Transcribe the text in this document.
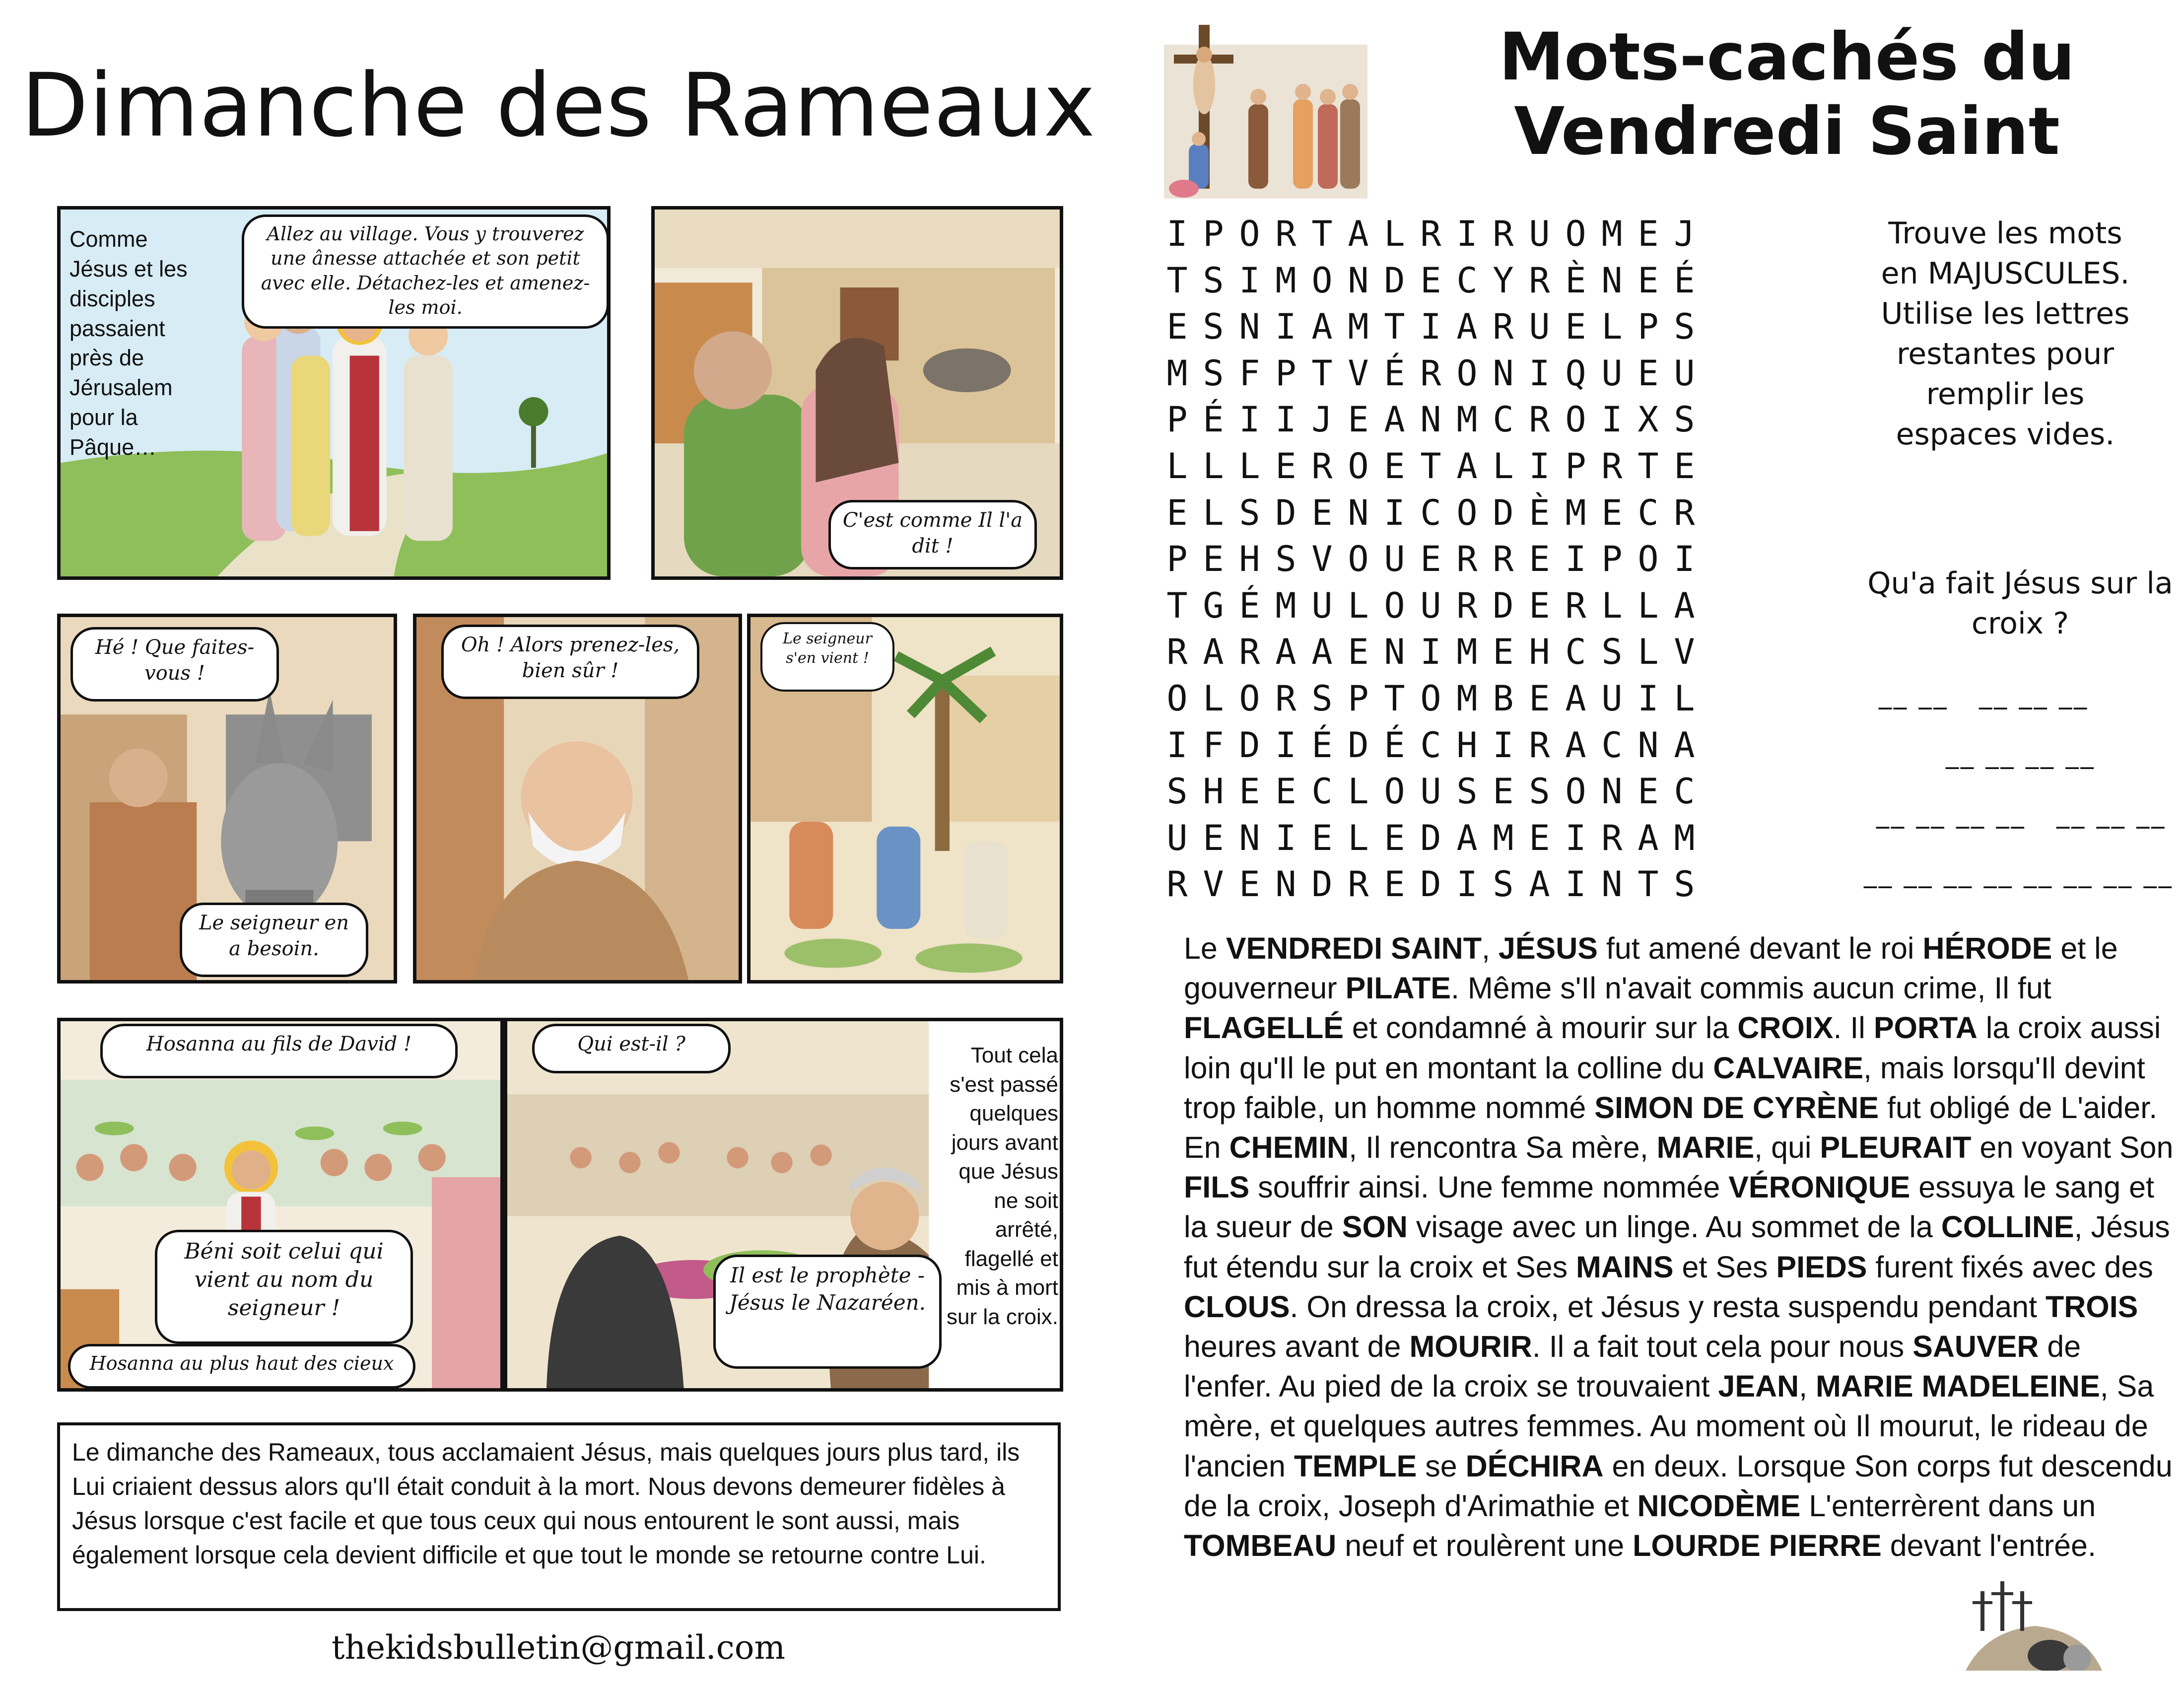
Dimanche des Rameaux
Comme Jésus et les disciples passaient près de Jérusalem pour la Pâque…
Allez au village. Vous y trouverez une ânesse attachée et son petit avec elle. Détachez-les et amenez-les moi.
C'est comme Il l'a dit !
Hé ! Que faites-vous !
Le seigneur en a besoin.
Oh ! Alors prenez-les, bien sûr !
Le seigneur s'en vient !
Hosanna au fils de David !
Béni soit celui qui vient au nom du seigneur !
Hosanna au plus haut des cieux
Qui est-il ?
Il est le prophète - Jésus le Nazaréen.
Tout cela s'est passé quelques jours avant que Jésus ne soit arrêté, flagellé et mis à mort sur la croix.
Le dimanche des Rameaux, tous acclamaient Jésus, mais quelques jours plus tard, ils Lui criaient dessus alors qu'Il était conduit à la mort. Nous devons demeurer fidèles à Jésus lorsque c'est facile et que tous ceux qui nous entourent le sont aussi, mais également lorsque cela devient difficile et que tout le monde se retourne contre Lui.
thekidsbulletin@gmail.com
Mots-cachés du
Vendredi Saint
I P O R T A L R I R U O M E J
T S I M O N D E C Y R È N E É
E S N I A M T I A R U E L P S
M S F P T V É R O N I Q U E U
P É I I J E A N M C R O I X S
L L L E R O E T A L I P R T E
E L S D E N I C O D È M E C R
P E H S V O U E R R E I P O I
T G É M U L O U R D E R L L A
R A R A A E N I M E H C S L V
O L O R S P T O M B E A U I L
I F D I É D É C H I R A C N A
S H E E C L O U S E S O N E C
U E N I E L E D A M E I R A M
R V E N D R E D I S A I N T S
Trouve les mots en MAJUSCULES. Utilise les lettres restantes pour remplir les espaces vides.
Qu'a fait Jésus sur la croix ?
__ __   __ __ __
__ __ __ __
__ __ __ __   __ __ __
__ __ __ __ __ __ __ __
Le VENDREDI SAINT, JÉSUS fut amené devant le roi HÉRODE et le gouverneur PILATE. Même s'Il n'avait commis aucun crime, Il fut FLAGELLÉ et condamné à mourir sur la CROIX. Il PORTA la croix aussi loin qu'Il le put en montant la colline du CALVAIRE, mais lorsqu'Il devint trop faible, un homme nommé SIMON DE CYRÈNE fut obligé de L'aider. En CHEMIN, Il rencontra Sa mère, MARIE, qui PLEURAIT en voyant Son FILS souffrir ainsi. Une femme nommée VÉRONIQUE essuya le sang et la sueur de SON visage avec un linge. Au sommet de la COLLINE, Jésus fut étendu sur la croix et Ses MAINS et Ses PIEDS furent fixés avec des CLOUS. On dressa la croix, et Jésus y resta suspendu pendant TROIS heures avant de MOURIR. Il a fait tout cela pour nous SAUVER de l'enfer. Au pied de la croix se trouvaient JEAN, MARIE MADELEINE, Sa mère, et quelques autres femmes. Au moment où Il mourut, le rideau de l'ancien TEMPLE se DÉCHIRA en deux. Lorsque Son corps fut descendu de la croix, Joseph d'Arimathie et NICODÈME L'enterrèrent dans un TOMBEAU neuf et roulèrent une LOURDE PIERRE devant l'entrée.
